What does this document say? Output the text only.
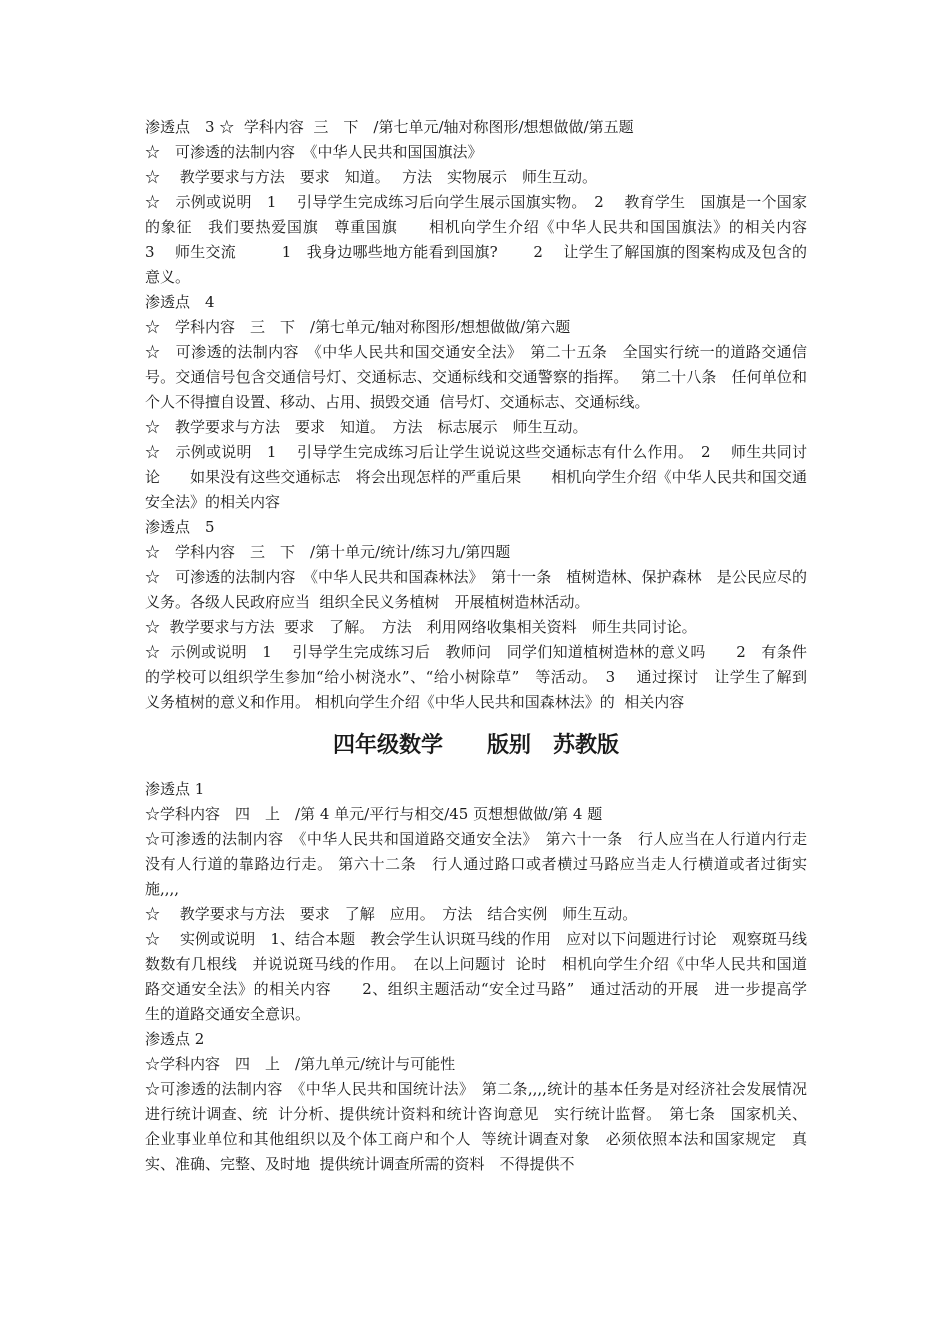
渗透点　3 ☆  学科内容  三　下　/第七单元/轴对称图形/想想做做/第五题

☆　可渗透的法制内容　《中华人民共和国国旗法》

☆　 教学要求与方法　要求　知道。　 方法　实物展示　师生互动。

☆　示例或说明　1　 引导学生完成练习后向学生展示国旗实物。　2　 教育学生　国旗是一个国家的象征　我们要热爱国旗　尊重国旗　　相机向学生介绍《中华人民共和国国旗法》的相关内容　　3　 师生交流　　　1　我身边哪些地方能看到国旗?　　 2　 让学生了解国旗的图案构成及包含的意义。

渗透点　4

☆　学科内容　三　下　/第七单元/轴对称图形/想想做做/第六题

☆　可渗透的法制内容　《中华人民共和国交通安全法》　第二十五条　全国实行统一的道路交通信号。交通信号包含交通信号灯、交通标志、交通标线和交通警察的指挥。　 第二十八条　任何单位和个人不得擅自设置、移动、占用、损毁交通  信号灯、交通标志、交通标线。

☆　教学要求与方法　要求　知道。　方法　标志展示　师生互动。

☆　示例或说明　1　 引导学生完成练习后让学生说说这些交通标志有什么作用。　2　 师生共同讨论　　如果没有这些交通标志　将会出现怎样的严重后果　　相机向学生介绍《中华人民共和国交通安全法》的相关内容

渗透点　5

☆　学科内容　三　下　/第十单元/统计/练习九/第四题

☆　可渗透的法制内容　《中华人民共和国森林法》　第十一条　植树造林、保护森林　是公民应尽的义务。各级人民政府应当  组织全民义务植树　开展植树造林活动。

☆  教学要求与方法  要求　了解。　方法　利用网络收集相关资料　师生共同讨论。

☆  示例或说明　1　 引导学生完成练习后　教师问　同学们知道植树造林的意义吗　　2　有条件的学校可以组织学生参加“给小树浇水”、“给小树除草”　等活动。　3　 通过探讨　让学生了解到　　义务植树的意义和作用。 相机向学生介绍《中华人民共和国森林法》的  相关内容

四年级数学　　版别　苏教版

渗透点 1

☆学科内容　四　上　/第 4 单元/平行与相交/45 页想想做做/第 4 题

☆可渗透的法制内容　《中华人民共和国道路交通安全法》　第六十一条　行人应当在人行道内行走　没有人行道的靠路边行走。 第六十二条　行人通过路口或者横过马路应当走人行横道或者过街实  施,,,,

☆　 教学要求与方法　要求　了解　应用。　方法　结合实例　师生互动。

☆　 实例或说明　1、结合本题　教会学生认识斑马线的作用　应对以下问题进行讨论　观察斑马线　数数有几根线　并说说斑马线的作用。　在以上问题讨  论时　相机向学生介绍《中华人民共和国道路交通安全法》的相关内容　　2、组织主题活动“安全过马路”　通过活动的开展　进一步提高学  生的道路交通安全意识。

渗透点 2

☆学科内容　四　上　/第九单元/统计与可能性

☆可渗透的法制内容　《中华人民共和国统计法》　第二条,,,,统计的基本任务是对经济社会发展情况进行统计调查、统  计分析、提供统计资料和统计咨询意见　实行统计监督。　第七条　国家机关、企业事业单位和其他组织以及个体工商户和个人  等统计调查对象　必须依照本法和国家规定　真实、准确、完整、及时地  提供统计调查所需的资料　不得提供不
